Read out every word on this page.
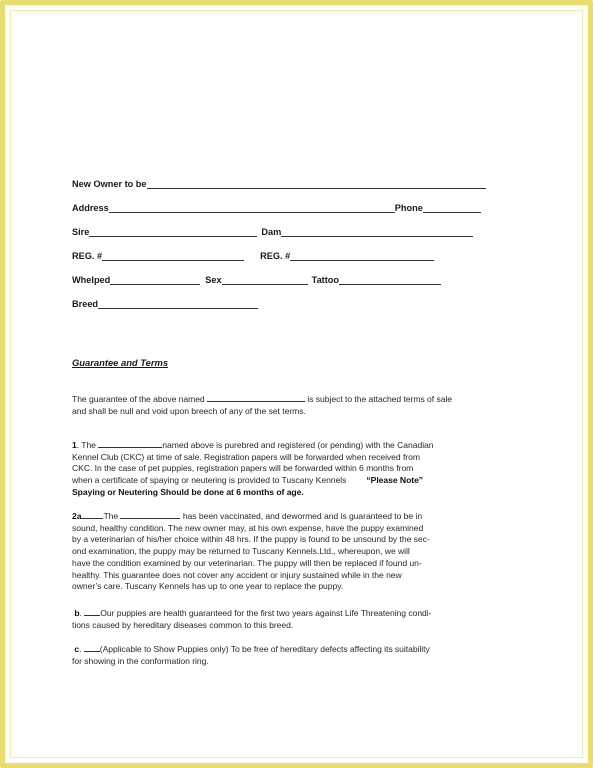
New Owner to be
Address	Phone
Sire	Dam
REG. #	REG. #
Whelped	Sex	Tattoo
Breed
Guarantee and Terms
The guarantee of the above named	is subject to the attached terms of sale
and shall be null and void upon breech of any of the set terms.
1. The	named above is purebred and registered (or pending) with the Canadian
Kennel Club (CKC) at time of sale. Registration papers will be forwarded when received from
CKC. In the case of pet puppies, registration papers will be forwarded within 6 months from
when a certificate of spaying or neutering is provided to Tuscany Kennels “Please Note”
Spaying or Neutering Should be done at 6 months of age.
2a	The	has been vaccinated, and dewormed and is guaranteed to be in
sound, healthy condition. The new owner may, at his own expense, have the puppy examined
by a veterinarian of his/her choice within 48 hrs. If the puppy is found to be unsound by the sec-
ond examination, the puppy may be returned to Tuscany Kennels.Ltd., whereupon, we will
have the condition examined by our veterinarian. The puppy will then be replaced if found un-
healthy. This guarantee does not cover any accident or injury sustained while in the new
owner’s care. Tuscany Kennels has up to one year to replace the puppy.
b. Our puppies are health guaranteed for the first two years against Life Threatening condi-
tions caused by hereditary diseases common to this breed.
c. (Applicable to Show Puppies only) To be free of hereditary defects affecting its suitability
for showing in the conformation ring.
